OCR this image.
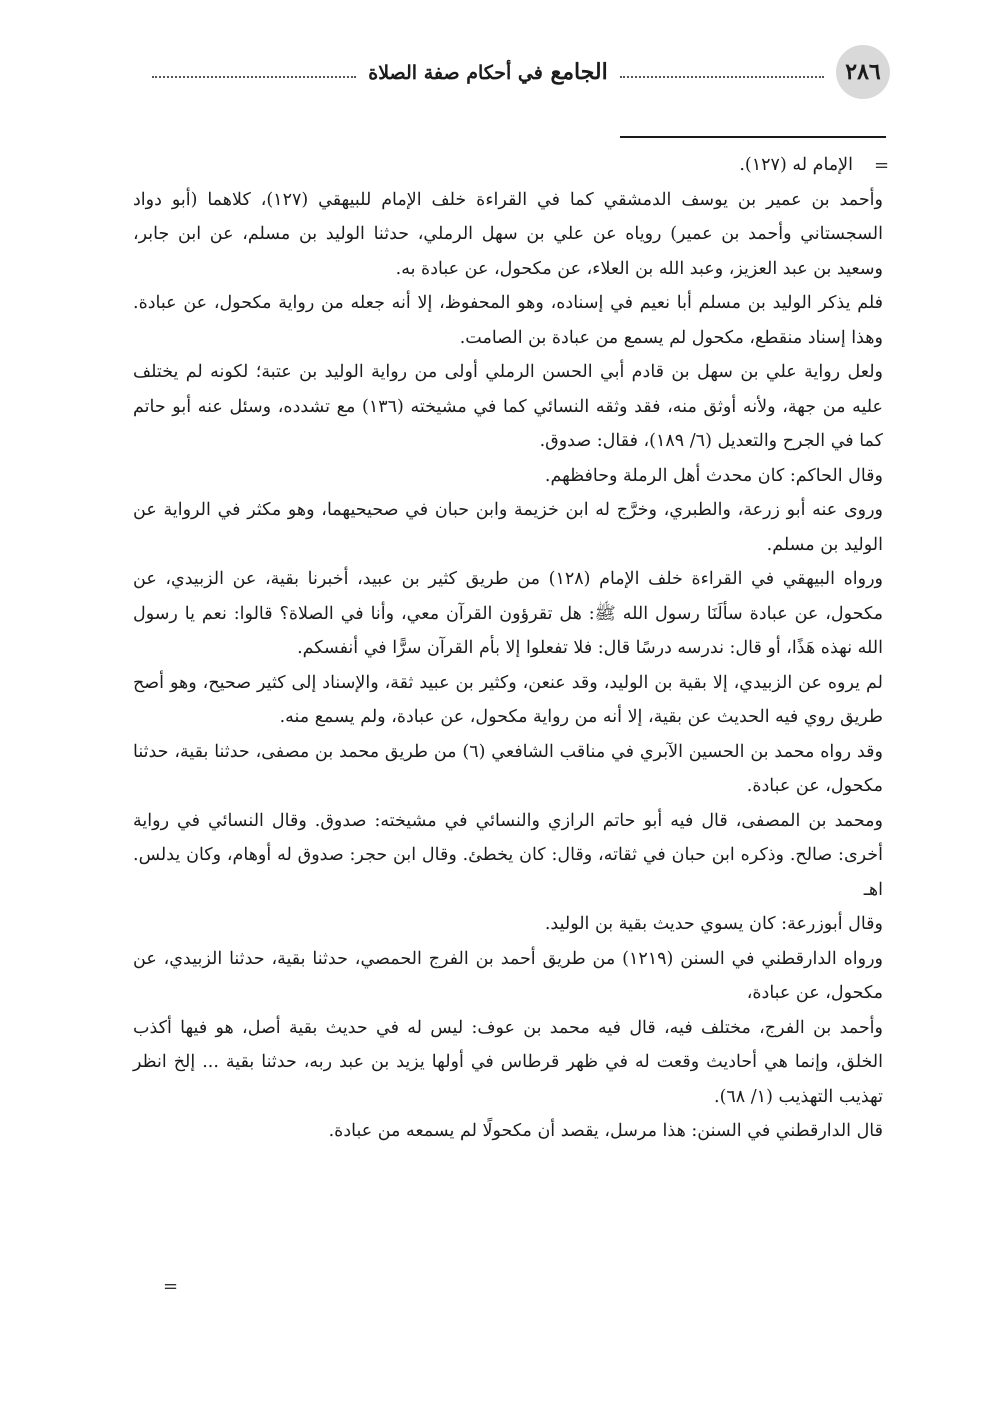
٢٨٦
الجامع في أحكام صفة الصلاة
=
=

الإمام له (١٢٧).

وأحمد بن عمير بن يوسف الدمشقي كما في القراءة خلف الإمام للبيهقي (١٢٧)، كلاهما (أبو دواد السجستاني وأحمد بن عمير) روياه عن علي بن سهل الرملي، حدثنا الوليد بن مسلم، عن ابن جابر، وسعيد بن عبد العزيز، وعبد الله بن العلاء، عن مكحول، عن عبادة به.

فلم يذكر الوليد بن مسلم أبا نعيم في إسناده، وهو المحفوظ، إلا أنه جعله من رواية مكحول، عن عبادة. وهذا إسناد منقطع، مكحول لم يسمع من عبادة بن الصامت.

ولعل رواية علي بن سهل بن قادم أبي الحسن الرملي أولى من رواية الوليد بن عتبة؛ لكونه لم يختلف عليه من جهة، ولأنه أوثق منه، فقد وثقه النسائي كما في مشيخته (١٣٦) مع تشدده، وسئل عنه أبو حاتم كما في الجرح والتعديل (٦/ ١٨٩)، فقال: صدوق.

وقال الحاكم: كان محدث أهل الرملة وحافظهم.

وروى عنه أبو زرعة، والطبري، وخرَّج له ابن خزيمة وابن حبان في صحيحيهما، وهو مكثر في الرواية عن الوليد بن مسلم.

ورواه البيهقي في القراءة خلف الإمام (١٢٨) من طريق كثير بن عبيد، أخبرنا بقية، عن الزبيدي، عن مكحول، عن عبادة سألَنَا رسول الله ﷺ: هل تقرؤون القرآن معي، وأنا في الصلاة؟ قالوا: نعم يا رسول الله نهذه هَذًا، أو قال: ندرسه درسًا قال: فلا تفعلوا إلا بأم القرآن سرًّا في أنفسكم.

لم يروه عن الزبيدي، إلا بقية بن الوليد، وقد عنعن، وكثير بن عبيد ثقة، والإسناد إلى كثير صحيح، وهو أصح طريق روي فيه الحديث عن بقية، إلا أنه من رواية مكحول، عن عبادة، ولم يسمع منه.

وقد رواه محمد بن الحسين الآبري في مناقب الشافعي (٦) من طريق محمد بن مصفى، حدثنا بقية، حدثنا مكحول، عن عبادة.

ومحمد بن المصفى، قال فيه أبو حاتم الرازي والنسائي في مشيخته: صدوق. وقال النسائي في رواية أخرى: صالح. وذكره ابن حبان في ثقاته، وقال: كان يخطئ. وقال ابن حجر: صدوق له أوهام، وكان يدلس. اهـ

وقال أبوزرعة: كان يسوي حديث بقية بن الوليد.

ورواه الدارقطني في السنن (١٢١٩) من طريق أحمد بن الفرج الحمصي، حدثنا بقية، حدثنا الزبيدي، عن مكحول، عن عبادة،

وأحمد بن الفرج، مختلف فيه، قال فيه محمد بن عوف: ليس له في حديث بقية أصل، هو فيها أكذب الخلق، وإنما هي أحاديث وقعت له في ظهر قرطاس في أولها يزيد بن عبد ربه، حدثنا بقية ... إلخ انظر تهذيب التهذيب (١/ ٦٨).

قال الدارقطني في السنن: هذا مرسل، يقصد أن مكحولًا لم يسمعه من عبادة.
